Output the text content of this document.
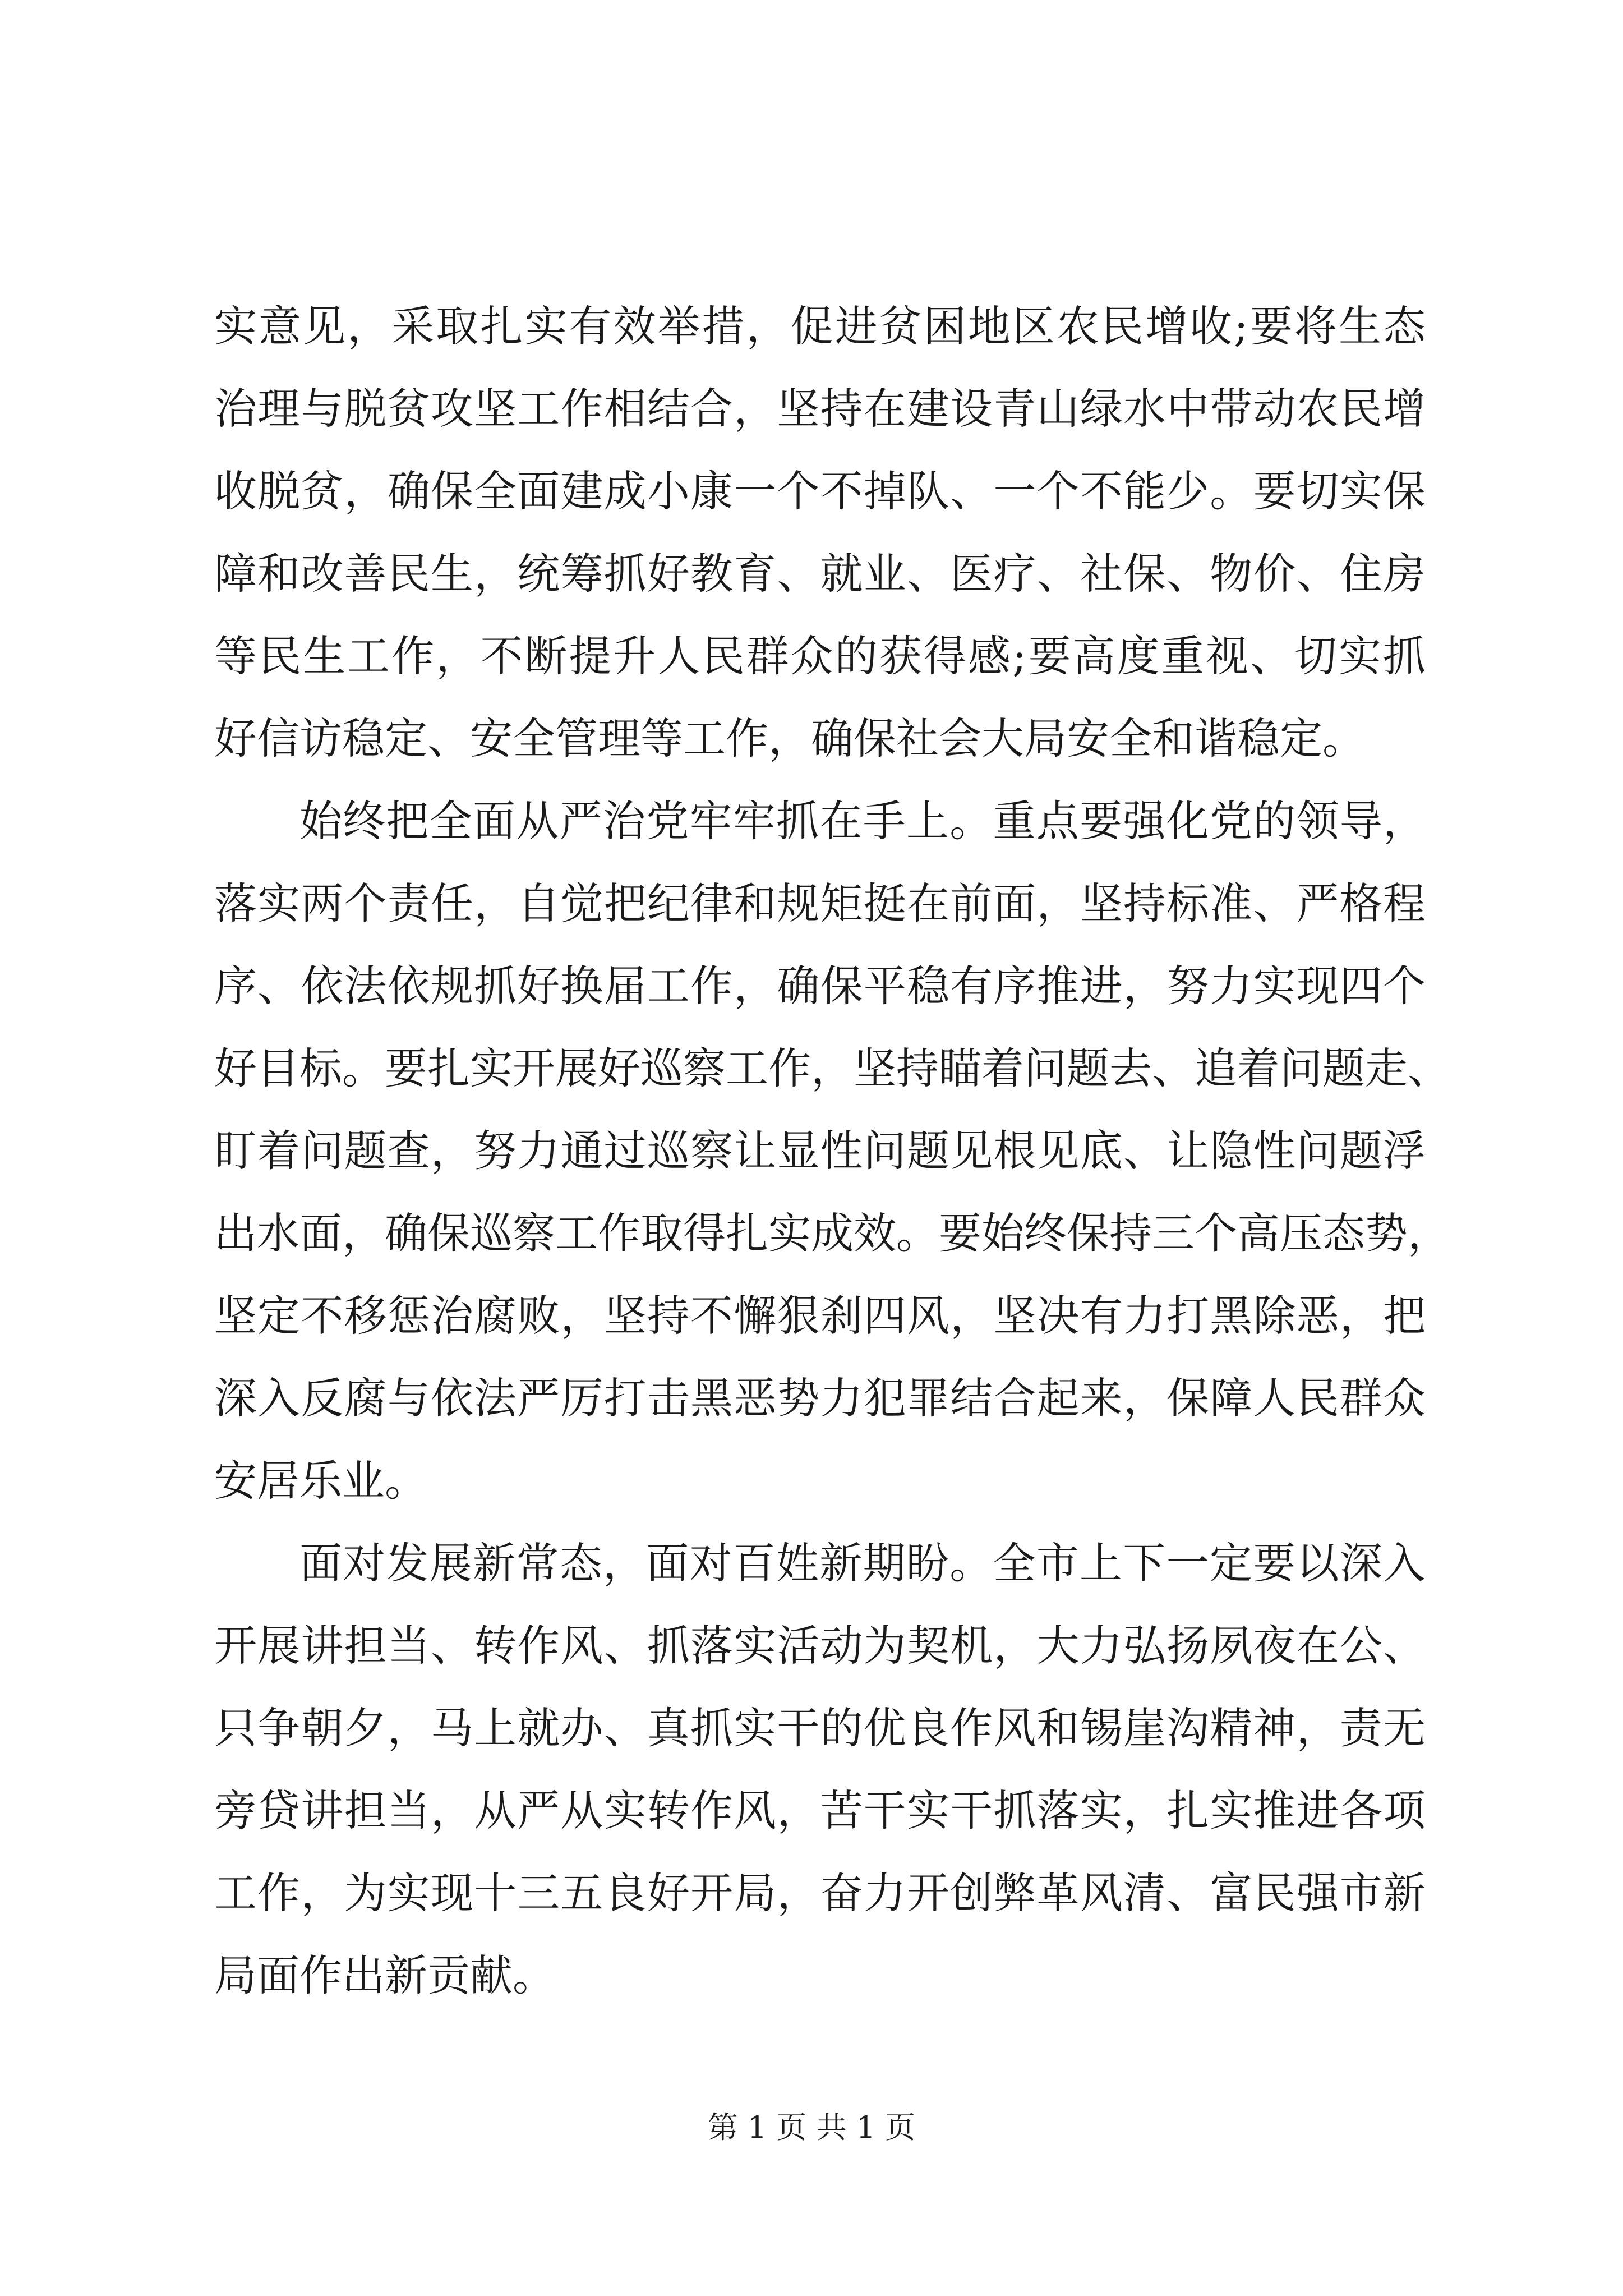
实意见，采取扎实有效举措，促进贫困地区农民增收;要将生态
治理与脱贫攻坚工作相结合，坚持在建设青山绿水中带动农民增
收脱贫，确保全面建成小康一个不掉队、一个不能少。要切实保
障和改善民生，统筹抓好教育、就业、医疗、社保、物价、住房
等民生工作，不断提升人民群众的获得感;要高度重视、切实抓
好信访稳定、安全管理等工作，确保社会大局安全和谐稳定。
始终把全面从严治党牢牢抓在手上。重点要强化党的领导，
落实两个责任，自觉把纪律和规矩挺在前面，坚持标准、严格程
序、依法依规抓好换届工作，确保平稳有序推进，努力实现四个
好目标。要扎实开展好巡察工作，坚持瞄着问题去、追着问题走、
盯着问题查，努力通过巡察让显性问题见根见底、让隐性问题浮
出水面，确保巡察工作取得扎实成效。要始终保持三个高压态势，
坚定不移惩治腐败，坚持不懈狠刹四风，坚决有力打黑除恶，把
深入反腐与依法严厉打击黑恶势力犯罪结合起来，保障人民群众
安居乐业。
面对发展新常态，面对百姓新期盼。全市上下一定要以深入
开展讲担当、转作风、抓落实活动为契机，大力弘扬夙夜在公、
只争朝夕，马上就办、真抓实干的优良作风和锡崖沟精神，责无
旁贷讲担当，从严从实转作风，苦干实干抓落实，扎实推进各项
工作，为实现十三五良好开局，奋力开创弊革风清、富民强市新
局面作出新贡献。
第 1 页 共 1 页
